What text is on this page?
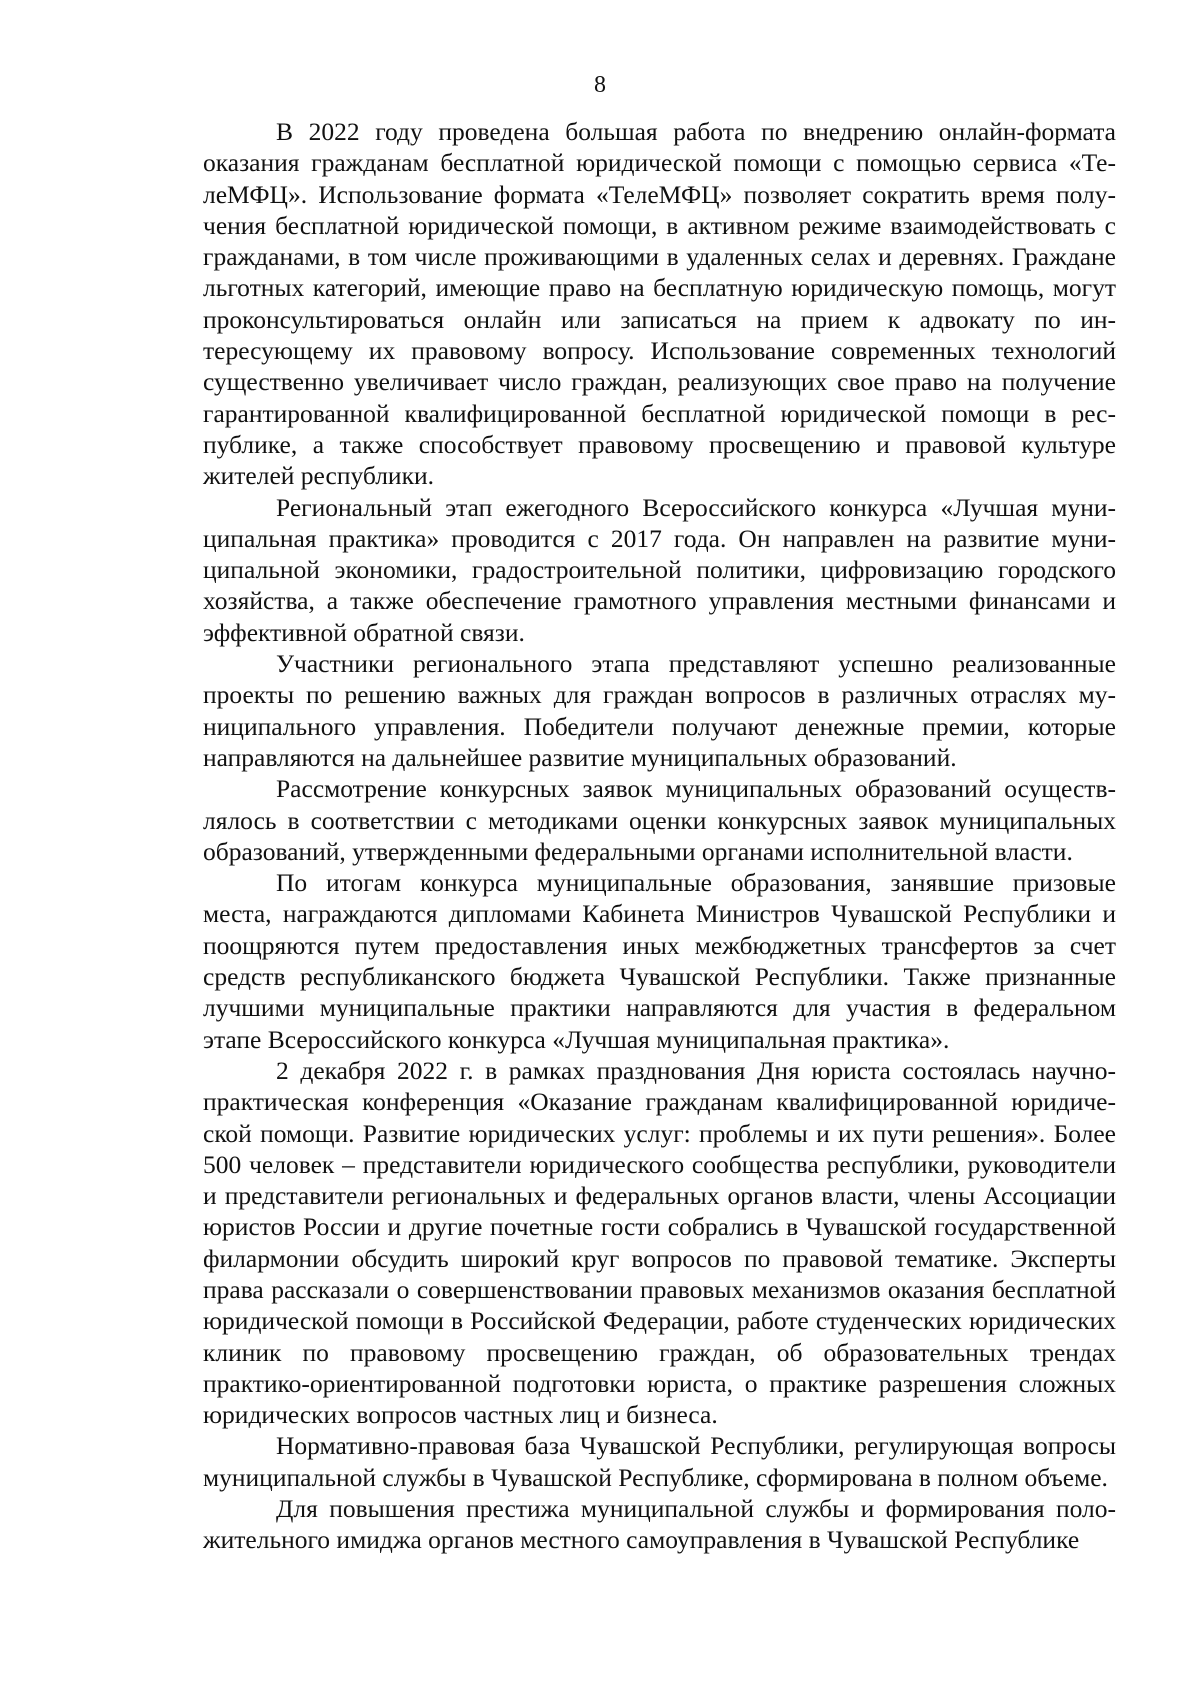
8

В 2022 году проведена большая работа по внедрению онлайн-формата оказания гражданам бесплатной юридической помощи с помощью сервиса «ТелеМФЦ». Использование формата «ТелеМФЦ» позволяет сократить время получения бесплатной юридической помощи, в активном режиме взаимодействовать с гражданами, в том числе проживающими в удаленных селах и деревнях. Граждане льготных категорий, имеющие право на бесплатную юридическую помощь, могут проконсультироваться онлайн или записаться на прием к адвокату по интересующему их правовому вопросу. Использование современных технологий существенно увеличивает число граждан, реализующих свое право на получение гарантированной квалифицированной бесплатной юридической помощи в республике, а также способствует правовому просвещению и правовой культуре жителей республики.

Региональный этап ежегодного Всероссийского конкурса «Лучшая муниципальная практика» проводится с 2017 года. Он направлен на развитие муниципальной экономики, градостроительной политики, цифровизацию городского хозяйства, а также обеспечение грамотного управления местными финансами и эффективной обратной связи.

Участники регионального этапа представляют успешно реализованные проекты по решению важных для граждан вопросов в различных отраслях муниципального управления. Победители получают денежные премии, которые направляются на дальнейшее развитие муниципальных образований.

Рассмотрение конкурсных заявок муниципальных образований осуществлялось в соответствии с методиками оценки конкурсных заявок муниципальных образований, утвержденными федеральными органами исполнительной власти.

По итогам конкурса муниципальные образования, занявшие призовые места, награждаются дипломами Кабинета Министров Чувашской Республики и поощряются путем предоставления иных межбюджетных трансфертов за счет средств республиканского бюджета Чувашской Республики. Также признанные лучшими муниципальные практики направляются для участия в федеральном этапе Всероссийского конкурса «Лучшая муниципальная практика».

2 декабря 2022 г. в рамках празднования Дня юриста состоялась научно-практическая конференция «Оказание гражданам квалифицированной юридической помощи. Развитие юридических услуг: проблемы и их пути решения». Более 500 человек – представители юридического сообщества республики, руководители и представители региональных и федеральных органов власти, члены Ассоциации юристов России и другие почетные гости собрались в Чувашской государственной филармонии обсудить широкий круг вопросов по правовой тематике. Эксперты права рассказали о совершенствовании правовых механизмов оказания бесплатной юридической помощи в Российской Федерации, работе студенческих юридических клиник по правовому просвещению граждан, об образовательных трендах практико-ориентированной подготовки юриста, о практике разрешения сложных юридических вопросов частных лиц и бизнеса.

Нормативно-правовая база Чувашской Республики, регулирующая вопросы муниципальной службы в Чувашской Республике, сформирована в полном объеме.

Для повышения престижа муниципальной службы и формирования положительного имиджа органов местного самоуправления в Чувашской Республике
